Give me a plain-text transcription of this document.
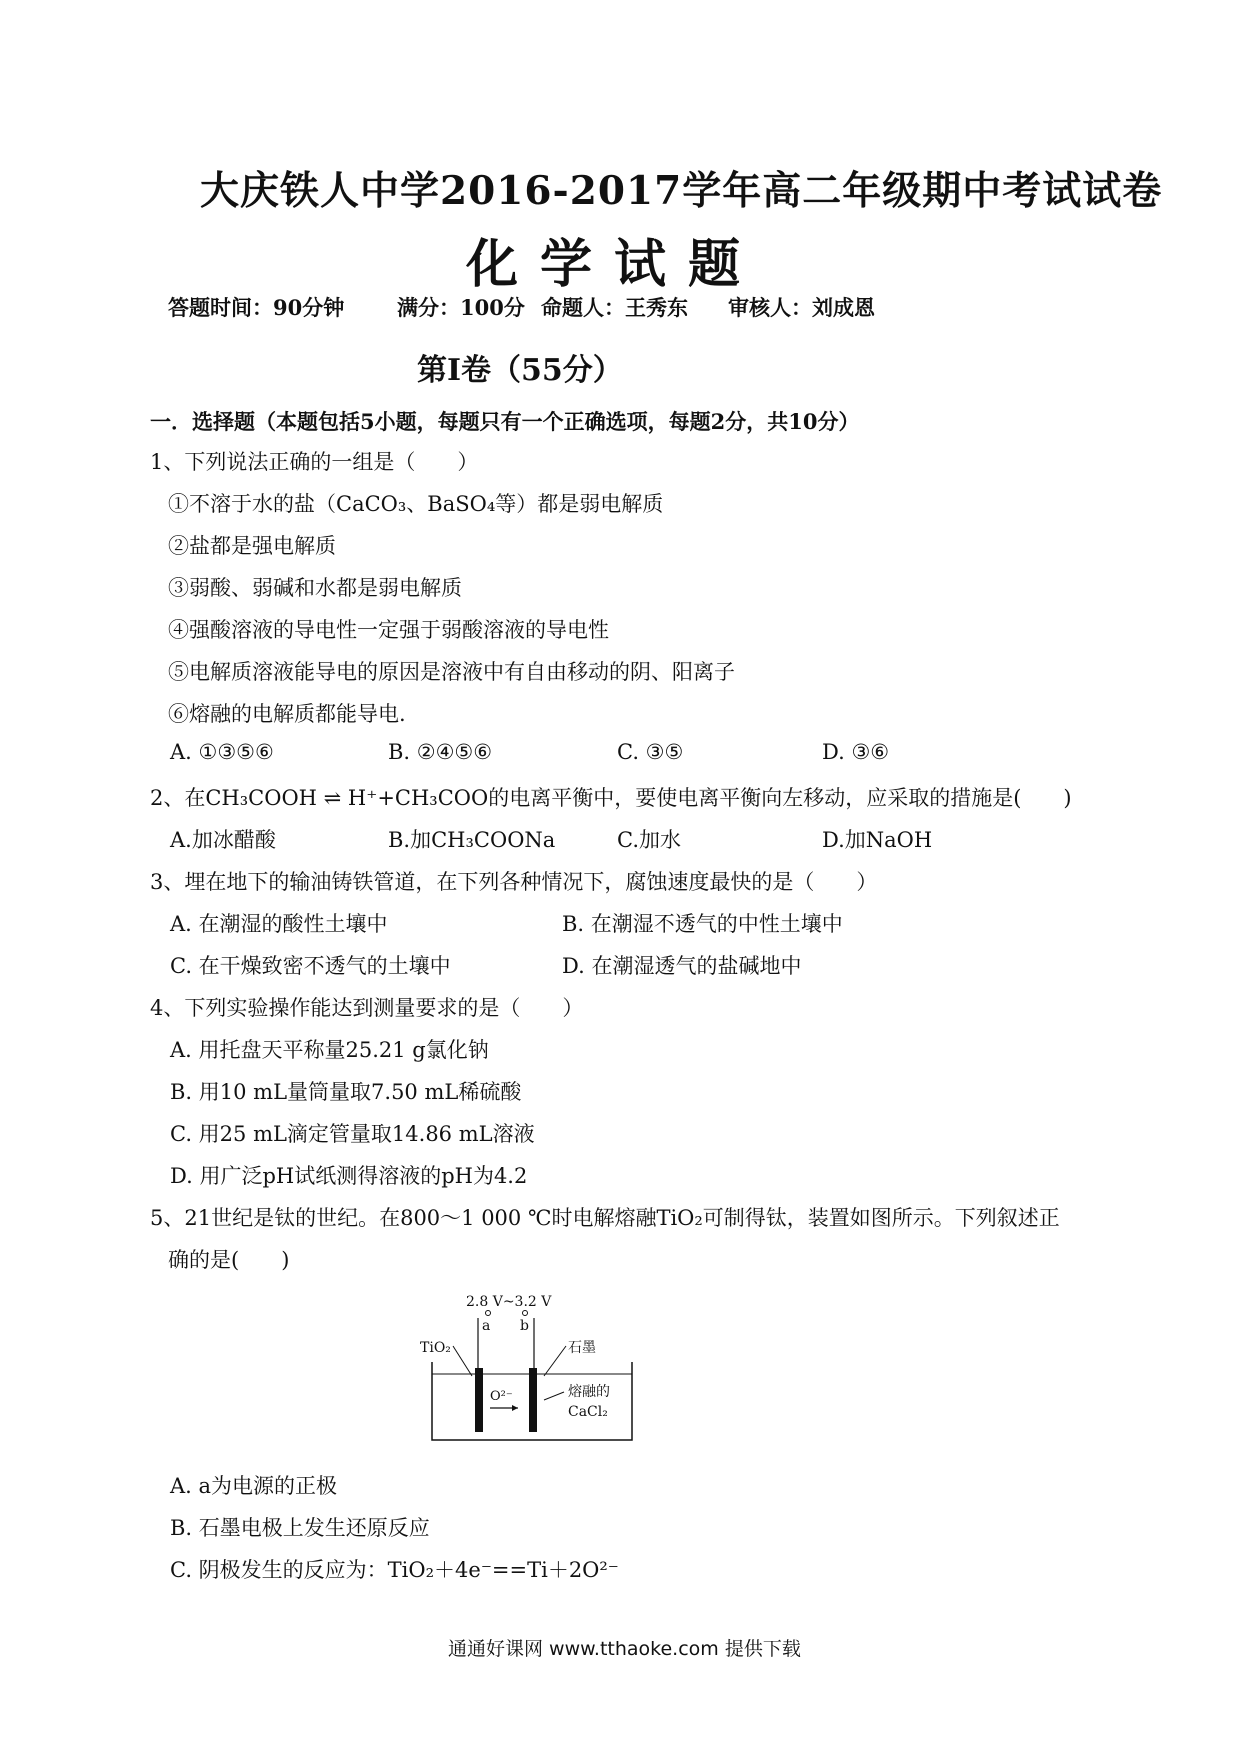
大庆铁人中学2016-2017学年高二年级期中考试试卷
化学试题
答题时间：90分钟	满分：100分 命题人：王秀东 审核人：刘成恩
第I卷（55分）
一．选择题（本题包括5小题，每题只有一个正确选项，每题2分，共10分）
1、下列说法正确的一组是（　　）
①不溶于水的盐（CaCO₃、BaSO₄等）都是弱电解质
②盐都是强电解质
③弱酸、弱碱和水都是弱电解质
④强酸溶液的导电性一定强于弱酸溶液的导电性
⑤电解质溶液能导电的原因是溶液中有自由移动的阴、阳离子
⑥熔融的电解质都能导电.
A. ①③⑤⑥	B. ②④⑤⑥	C. ③⑤	D. ③⑥
2、在CH₃COOH ⇌ H⁺+CH₃COO的电离平衡中，要使电离平衡向左移动，应采取的措施是(　　)
A.加冰醋酸	B.加CH₃COONa	C.加水	D.加NaOH
3、埋在地下的输油铸铁管道，在下列各种情况下，腐蚀速度最快的是（　　）
A. 在潮湿的酸性土壤中	B. 在潮湿不透气的中性土壤中
C. 在干燥致密不透气的土壤中	D. 在潮湿透气的盐碱地中
4、下列实验操作能达到测量要求的是（　　）
A. 用托盘天平称量25.21 g氯化钠
B. 用10 mL量筒量取7.50 mL稀硫酸
C. 用25 mL滴定管量取14.86 mL溶液
D. 用广泛pH试纸测得溶液的pH为4.2
5、21世纪是钛的世纪。在800～1 000 ℃时电解熔融TiO₂可制得钛，装置如图所示。下列叙述正
确的是(　　)
2.8 V~3.2 V
a b
TiO₂	石墨
O²⁻	熔融的
CaCl₂
A. a为电源的正极
B. 石墨电极上发生还原反应
C. 阴极发生的反应为：TiO₂＋4e⁻==Ti＋2O²⁻
通通好课网 www.tthaoke.com 提供下载
